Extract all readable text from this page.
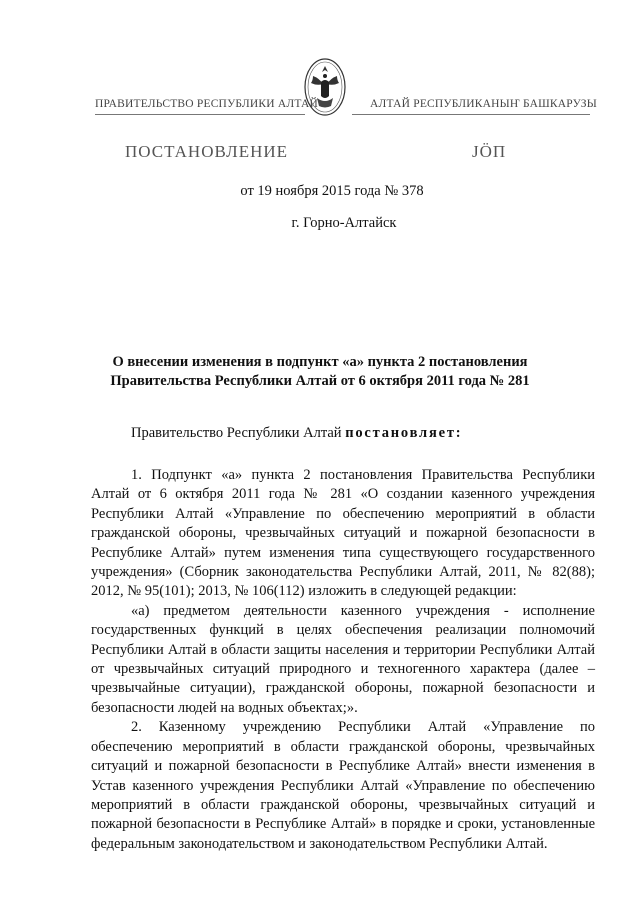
ПРАВИТЕЛЬСТВО РЕСПУБЛИКИ АЛТАЙ	АЛТАЙ РЕСПУБЛИКАНЫҤ БАШКАРУЗЫ
ПОСТАНОВЛЕНИЕ	ЈӦП
от 19 ноября 2015 года № 378
г. Горно-Алтайск
О внесении изменения в подпункт «а» пункта 2 постановления
Правительства Республики Алтай от 6 октября 2011 года № 281
Правительство Республики Алтай постановляет:

1. Подпункт «а» пункта 2 постановления Правительства Республики Алтай от 6 октября 2011 года № 281 «О создании казенного учреждения Республики Алтай «Управление по обеспечению мероприятий в области гражданской обороны, чрезвычайных ситуаций и пожарной безопасности в Республике Алтай» путем изменения типа существующего государственного учреждения» (Сборник законодательства Республики Алтай, 2011, № 82(88); 2012, № 95(101); 2013, № 106(112) изложить в следующей редакции:

«а) предметом деятельности казенного учреждения - исполнение государственных функций в целях обеспечения реализации полномочий Республики Алтай в области защиты населения и территории Республики Алтай от чрезвычайных ситуаций природного и техногенного характера (далее – чрезвычайные ситуации), гражданской обороны, пожарной безопасности и безопасности людей на водных объектах;».

2. Казенному учреждению Республики Алтай «Управление по обеспечению мероприятий в области гражданской обороны, чрезвычайных ситуаций и пожарной безопасности в Республике Алтай» внести изменения в Устав казенного учреждения Республики Алтай «Управление по обеспечению мероприятий в области гражданской обороны, чрезвычайных ситуаций и пожарной безопасности в Республике Алтай» в порядке и сроки, установленные федеральным законодательством и законодательством Республики Алтай.
